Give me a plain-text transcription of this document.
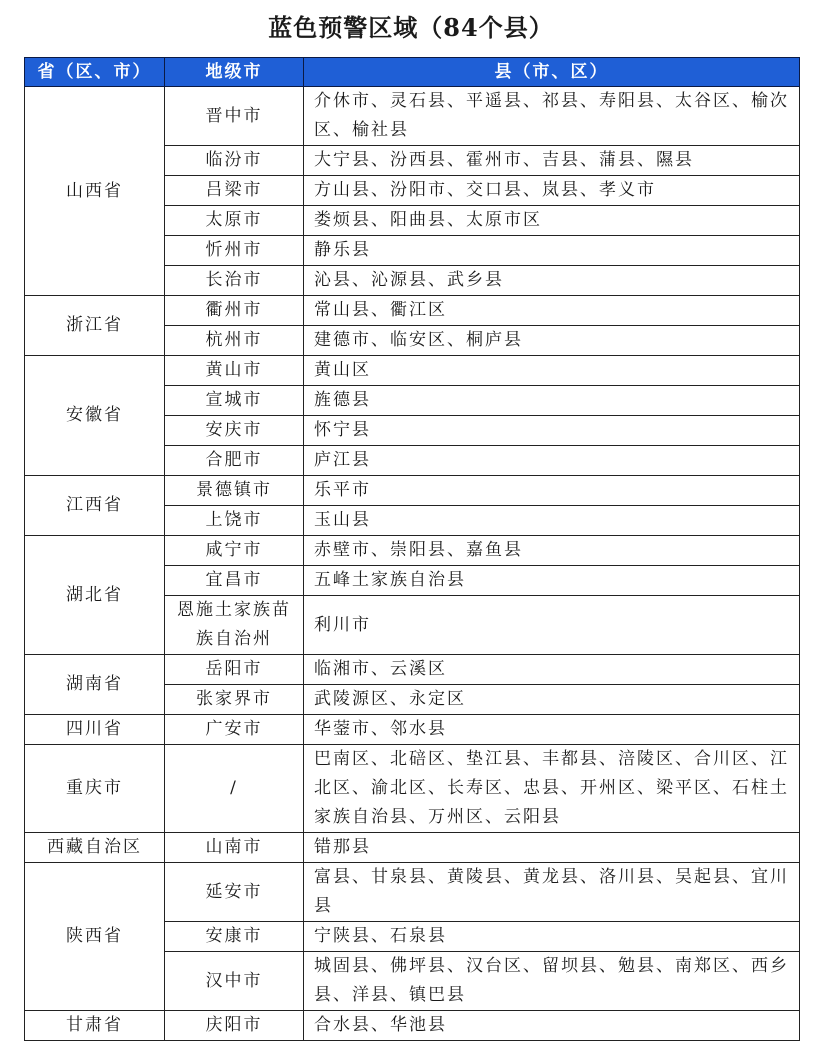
蓝色预警区域（84个县）
省（区、市）	地级市	县（市、区）
山西省	晋中市	介休市、灵石县、平遥县、祁县、寿阳县、太谷区、榆次区、榆社县
	临汾市	大宁县、汾西县、霍州市、吉县、蒲县、隰县
	吕梁市	方山县、汾阳市、交口县、岚县、孝义市
	太原市	娄烦县、阳曲县、太原市区
	忻州市	静乐县
	长治市	沁县、沁源县、武乡县
浙江省	衢州市	常山县、衢江区
	杭州市	建德市、临安区、桐庐县
安徽省	黄山市	黄山区
	宣城市	旌德县
	安庆市	怀宁县
	合肥市	庐江县
江西省	景德镇市	乐平市
	上饶市	玉山县
湖北省	咸宁市	赤壁市、崇阳县、嘉鱼县
	宜昌市	五峰土家族自治县
	恩施土家族苗族自治州	利川市
湖南省	岳阳市	临湘市、云溪区
	张家界市	武陵源区、永定区
四川省	广安市	华蓥市、邻水县
重庆市	/	巴南区、北碚区、垫江县、丰都县、涪陵区、合川区、江北区、渝北区、长寿区、忠县、开州区、梁平区、石柱土家族自治县、万州区、云阳县
西藏自治区	山南市	错那县
陕西省	延安市	富县、甘泉县、黄陵县、黄龙县、洛川县、吴起县、宜川县
	安康市	宁陕县、石泉县
	汉中市	城固县、佛坪县、汉台区、留坝县、勉县、南郑区、西乡县、洋县、镇巴县
甘肃省	庆阳市	合水县、华池县
